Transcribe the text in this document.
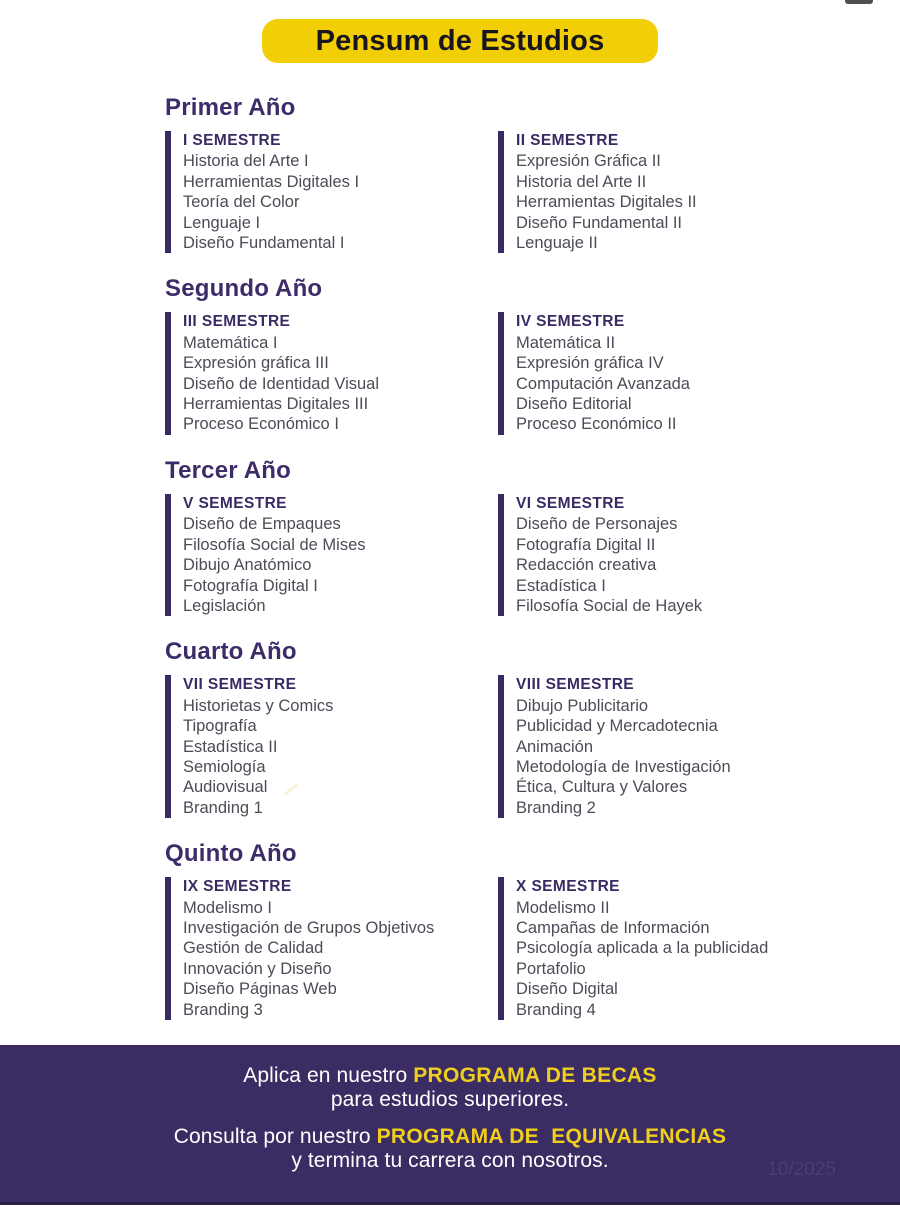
Pensum de Estudios
Primer Año
I SEMESTRE
Historia del Arte I
Herramientas Digitales I
Teoría del Color
Lenguaje I
Diseño Fundamental I
II SEMESTRE
Expresión Gráfica II
Historia del Arte II
Herramientas Digitales II
Diseño Fundamental II
Lenguaje II
Segundo Año
III SEMESTRE
Matemática I
Expresión gráfica III
Diseño de Identidad Visual
Herramientas Digitales III
Proceso Económico I
IV SEMESTRE
Matemática II
Expresión gráfica IV
Computación Avanzada
Diseño Editorial
Proceso Económico II
Tercer Año
V SEMESTRE
Diseño de Empaques
Filosofía Social de Mises
Dibujo Anatómico
Fotografía Digital I
Legislación
VI SEMESTRE
Diseño de Personajes
Fotografía Digital II
Redacción creativa
Estadística I
Filosofía Social de Hayek
Cuarto Año
VII SEMESTRE
Historietas y Comics
Tipografía
Estadística II
Semiología
Audiovisual
Branding 1
VIII SEMESTRE
Dibujo Publicitario
Publicidad y Mercadotecnia
Animación
Metodología de Investigación
Ética, Cultura y Valores
Branding 2
Quinto Año
IX SEMESTRE
Modelismo I
Investigación de Grupos Objetivos
Gestión de Calidad
Innovación y Diseño
Diseño Páginas Web
Branding 3
X SEMESTRE
Modelismo II
Campañas de Información
Psicología aplicada a la publicidad
Portafolio
Diseño Digital
Branding 4

Aplica en nuestro PROGRAMA DE BECAS

para estudios superiores.

Consulta por nuestro PROGRAMA DE  EQUIVALENCIAS

y termina tu carrera con nosotros.	10/2025
